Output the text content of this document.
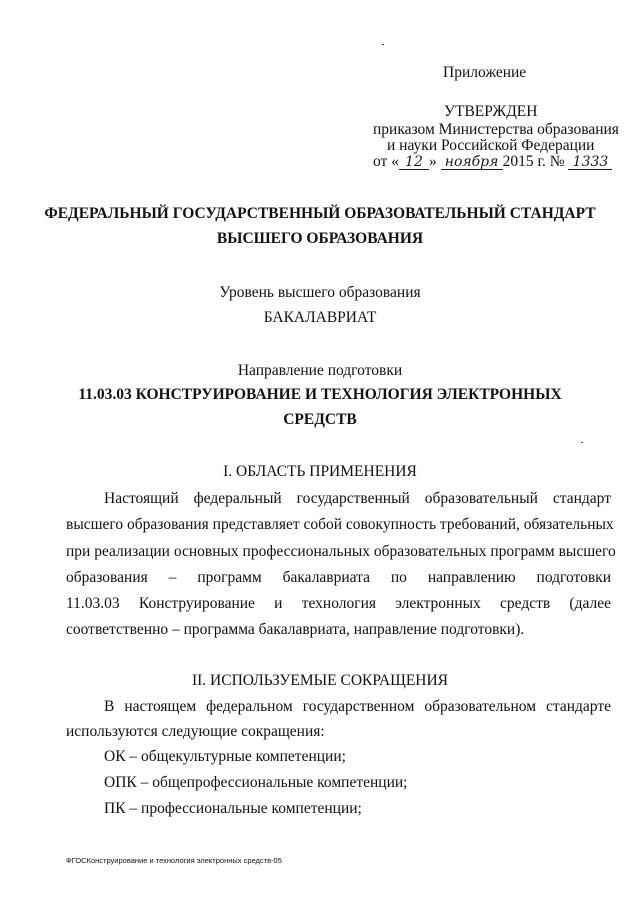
Приложение
УТВЕРЖДЕН
приказом Министерства образования
и науки Российской Федерации
от « 12 » ноября 2015 г. № 1333
ФЕДЕРАЛЬНЫЙ ГОСУДАРСТВЕННЫЙ ОБРАЗОВАТЕЛЬНЫЙ СТАНДАРТ
ВЫСШЕГО ОБРАЗОВАНИЯ
Уровень высшего образования
БАКАЛАВРИАТ
Направление подготовки
11.03.03 КОНСТРУИРОВАНИЕ И ТЕХНОЛОГИЯ ЭЛЕКТРОННЫХ
СРЕДСТВ
I. ОБЛАСТЬ ПРИМЕНЕНИЯ
Настоящий федеральный государственный образовательный стандарт
высшего образования представляет собой совокупность требований, обязательных
при реализации основных профессиональных образовательных программ высшего
образования – программ бакалавриата по направлению подготовки
11.03.03 Конструирование и технология электронных средств (далее
соответственно – программа бакалавриата, направление подготовки).
II. ИСПОЛЬЗУЕМЫЕ СОКРАЩЕНИЯ
В настоящем федеральном государственном образовательном стандарте
используются следующие сокращения:
ОК – общекультурные компетенции;
ОПК – общепрофессиональные компетенции;
ПК – профессиональные компетенции;
ФГОСКонструирование и технология электронных средств-05
